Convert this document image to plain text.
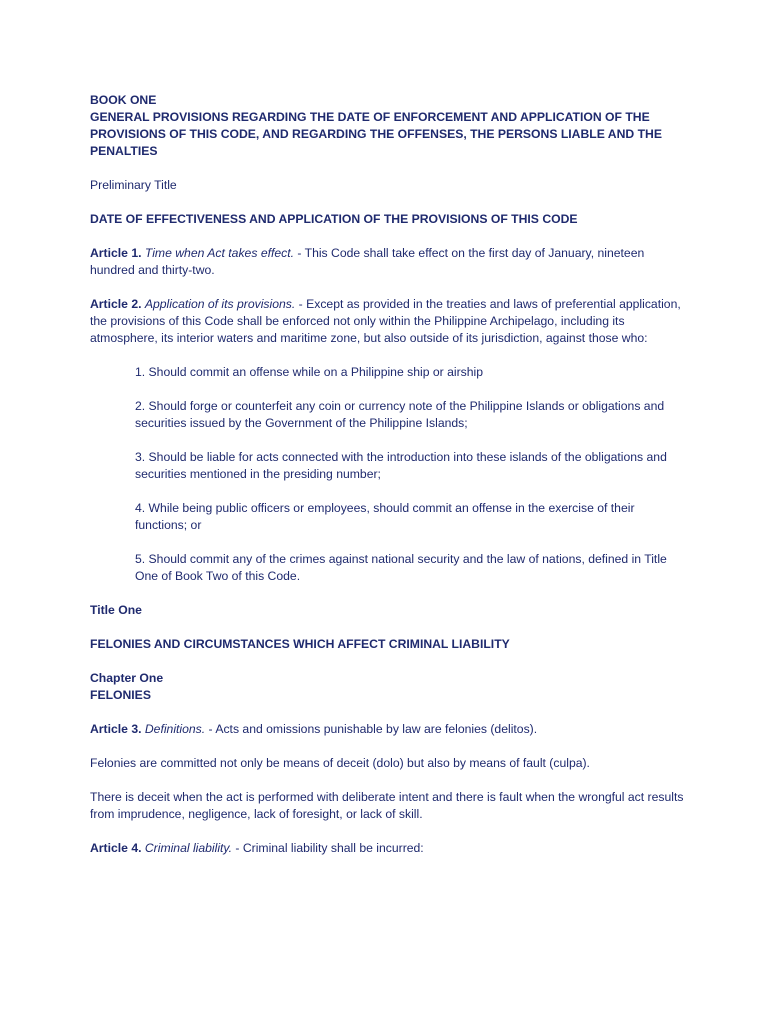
BOOK ONE

GENERAL PROVISIONS REGARDING THE DATE OF ENFORCEMENT AND APPLICATION OF THE PROVISIONS OF THIS CODE, AND REGARDING THE OFFENSES, THE PERSONS LIABLE AND THE PENALTIES

Preliminary Title

DATE OF EFFECTIVENESS AND APPLICATION OF THE PROVISIONS OF THIS CODE

Article 1. Time when Act takes effect. - This Code shall take effect on the first day of January, nineteen hundred and thirty-two.

Article 2. Application of its provisions. - Except as provided in the treaties and laws of preferential application, the provisions of this Code shall be enforced not only within the Philippine Archipelago, including its atmosphere, its interior waters and maritime zone, but also outside of its jurisdiction, against those who:

1. Should commit an offense while on a Philippine ship or airship

2. Should forge or counterfeit any coin or currency note of the Philippine Islands or obligations and securities issued by the Government of the Philippine Islands;

3. Should be liable for acts connected with the introduction into these islands of the obligations and securities mentioned in the presiding number;

4. While being public officers or employees, should commit an offense in the exercise of their functions; or

5. Should commit any of the crimes against national security and the law of nations, defined in Title One of Book Two of this Code.

Title One

FELONIES AND CIRCUMSTANCES WHICH AFFECT CRIMINAL LIABILITY

Chapter One

FELONIES

Article 3. Definitions. - Acts and omissions punishable by law are felonies (delitos).

Felonies are committed not only be means of deceit (dolo) but also by means of fault (culpa).

There is deceit when the act is performed with deliberate intent and there is fault when the wrongful act results from imprudence, negligence, lack of foresight, or lack of skill.

Article 4. Criminal liability. - Criminal liability shall be incurred:
